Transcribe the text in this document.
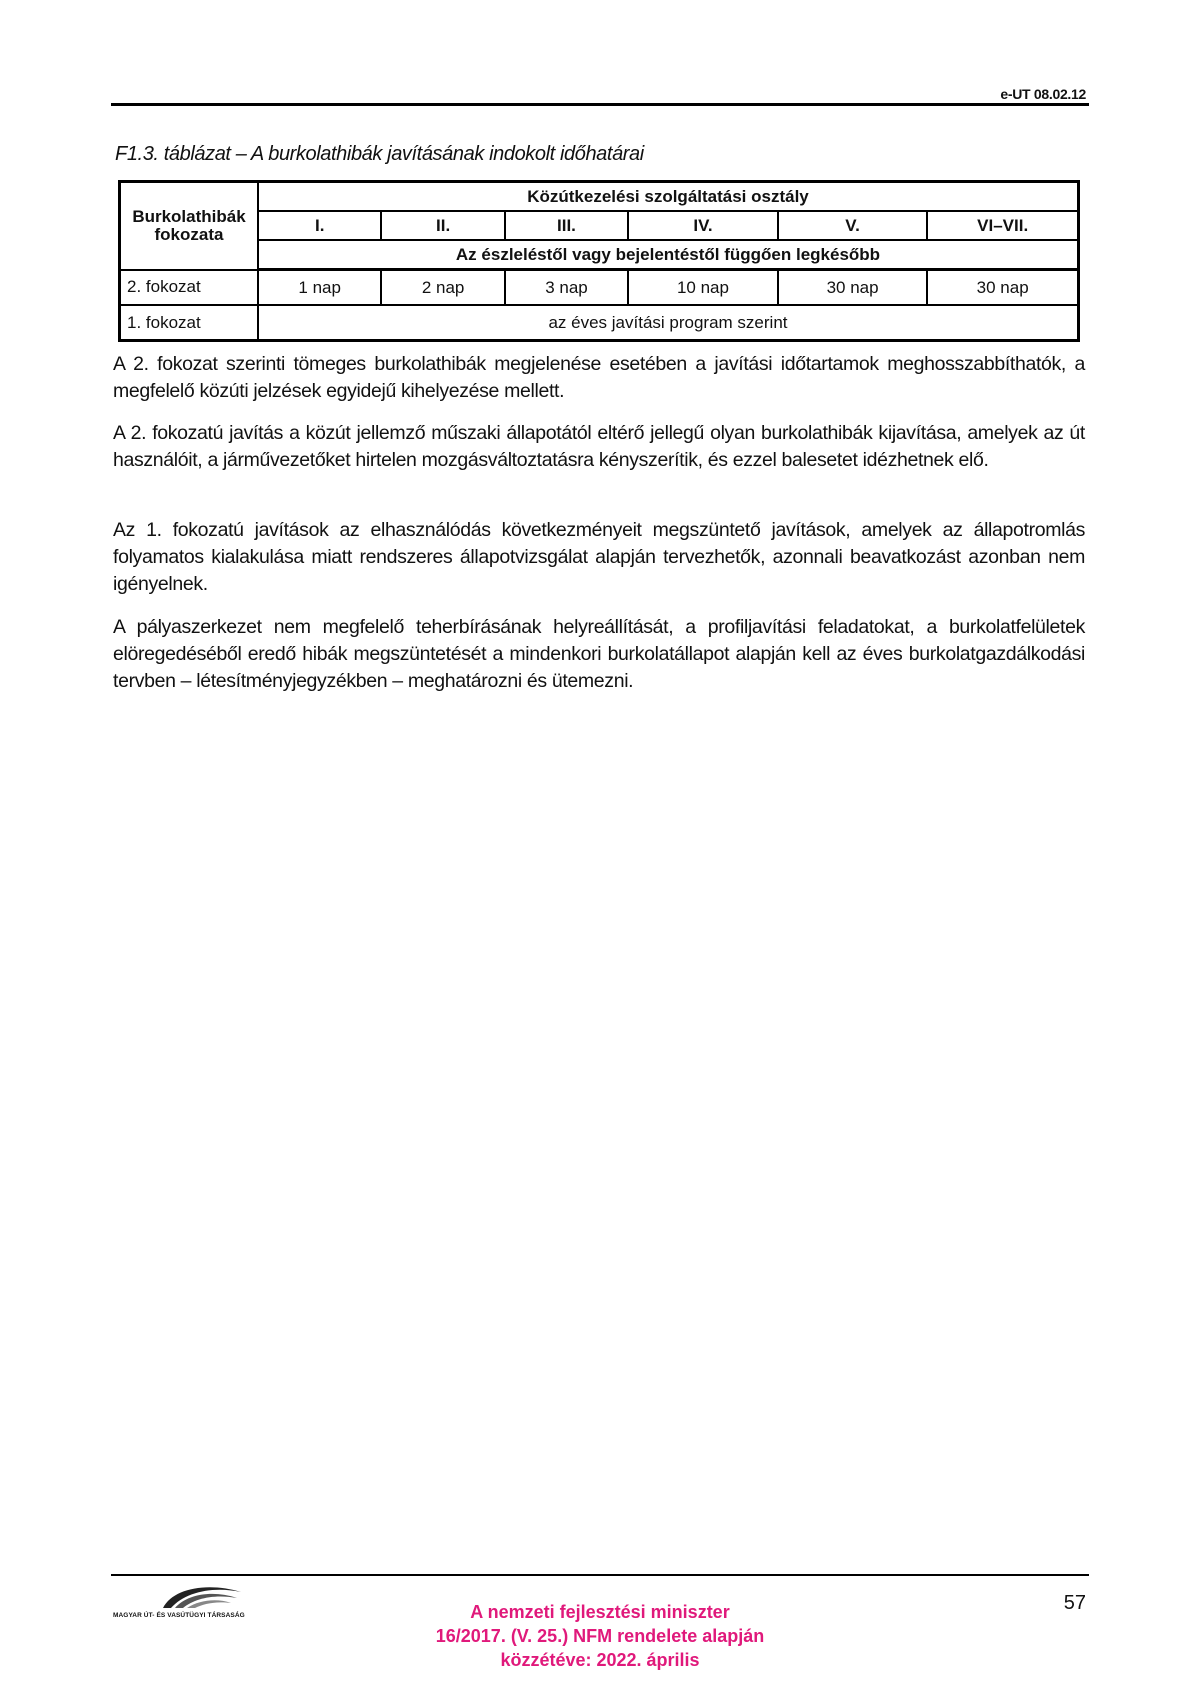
e-UT 08.02.12
F1.3. táblázat – A burkolathibák javításának indokolt időhatárai
Burkolathibák fokozata	Közútkezelési szolgáltatási osztály					
	I.	II.	III.	IV.	V.	VI–VII.
	Az észleléstől vagy bejelentéstől függően legkésőbb					
2. fokozat	1 nap	2 nap	3 nap	10 nap	30 nap	30 nap
1. fokozat	az éves javítási program szerint					

A 2. fokozat szerinti tömeges burkolathibák megjelenése esetében a javítási időtartamok meghosszabbíthatók, a megfelelő közúti jelzések egyidejű kihelyezése mellett.

A 2. fokozatú javítás a közút jellemző műszaki állapotától eltérő jellegű olyan burkolathibák kijavítása, amelyek az út használóit, a járművezetőket hirtelen mozgásváltoztatásra kényszerítik, és ezzel balesetet idézhetnek elő.

Az 1. fokozatú javítások az elhasználódás következményeit megszüntető javítások, amelyek az állapotromlás folyamatos kialakulása miatt rendszeres állapotvizsgálat alapján tervezhetők, azonnali beavatkozást azonban nem igényelnek.

A pályaszerkezet nem megfelelő teherbírásának helyreállítását, a profiljavítási feladatokat, a burkolatfelületek elöregedéséből eredő hibák megszüntetését a mindenkori burkolatállapot alapján kell az éves burkolatgazdálkodási tervben – létesítményjegyzékben – meghatározni és ütemezni.

MAGYAR ÚT- ÉS VASÚTÜGYI TÁRSASÁG
57
A nemzeti fejlesztési miniszter
16/2017. (V. 25.) NFM rendelete alapján
közzétéve: 2022. április
